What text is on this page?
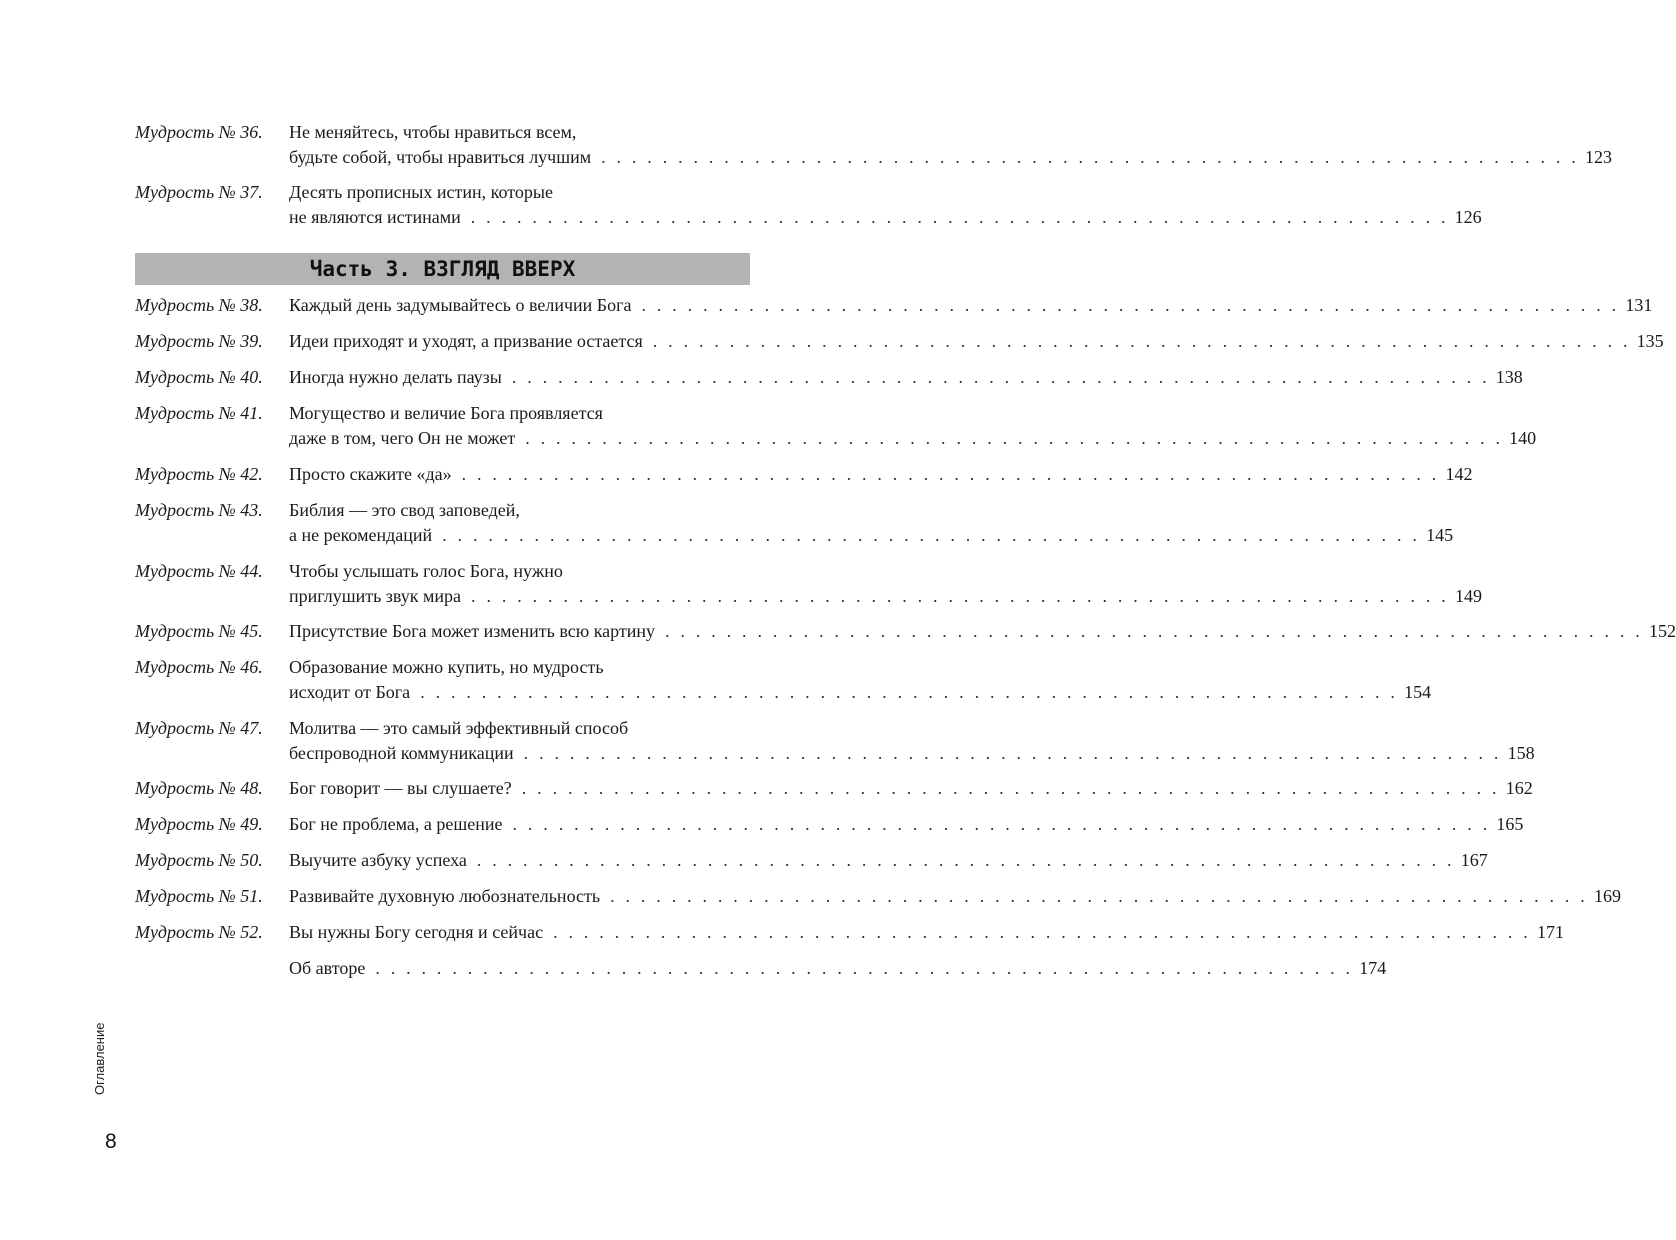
Мудрость № 36. Не меняйтесь, чтобы нравиться всем,
будьте собой, чтобы нравиться лучшим . . . . . . . . . . . . . . . . . . . . . . . . . . . . . . . . . . . . . . . . . . . . . . . . . . . . . . . . . . . . . . . . 123
Мудрость № 37. Десять прописных истин, которые
не являются истинами . . . . . . . . . . . . . . . . . . . . . . . . . . . . . . . . . . . . . . . . . . . . . . . . . . . . . . . . . . . . . . . . 126
Мудрость № 38. Каждый день задумывайтесь о величии Бога . . . . . . . . . . . . . . . . . . . . . . . . . . . . . . . . . . . . . . . . . . . . . . . . . . . . . . . . . . . . . . . . 131
Мудрость № 39. Идеи приходят и уходят, а призвание остается . . . . . . . . . . . . . . . . . . . . . . . . . . . . . . . . . . . . . . . . . . . . . . . . . . . . . . . . . . . . . . . . 135
Мудрость № 40. Иногда нужно делать паузы . . . . . . . . . . . . . . . . . . . . . . . . . . . . . . . . . . . . . . . . . . . . . . . . . . . . . . . . . . . . . . . . 138
Мудрость № 41. Могущество и величие Бога проявляется
даже в том, чего Он не может . . . . . . . . . . . . . . . . . . . . . . . . . . . . . . . . . . . . . . . . . . . . . . . . . . . . . . . . . . . . . . . . 140
Мудрость № 42. Просто скажите «да» . . . . . . . . . . . . . . . . . . . . . . . . . . . . . . . . . . . . . . . . . . . . . . . . . . . . . . . . . . . . . . . . 142
Мудрость № 43. Библия — это свод заповедей,
а не рекомендаций . . . . . . . . . . . . . . . . . . . . . . . . . . . . . . . . . . . . . . . . . . . . . . . . . . . . . . . . . . . . . . . . 145
Мудрость № 44. Чтобы услышать голос Бога, нужно
приглушить звук мира . . . . . . . . . . . . . . . . . . . . . . . . . . . . . . . . . . . . . . . . . . . . . . . . . . . . . . . . . . . . . . . . 149
Мудрость № 45. Присутствие Бога может изменить всю картину . . . . . . . . . . . . . . . . . . . . . . . . . . . . . . . . . . . . . . . . . . . . . . . . . . . . . . . . . . . . . . . . 152
Мудрость № 46. Образование можно купить, но мудрость
исходит от Бога . . . . . . . . . . . . . . . . . . . . . . . . . . . . . . . . . . . . . . . . . . . . . . . . . . . . . . . . . . . . . . . . 154
Мудрость № 47. Молитва — это самый эффективный способ
беспроводной коммуникации . . . . . . . . . . . . . . . . . . . . . . . . . . . . . . . . . . . . . . . . . . . . . . . . . . . . . . . . . . . . . . . . 158
Мудрость № 48. Бог говорит — вы слушаете? . . . . . . . . . . . . . . . . . . . . . . . . . . . . . . . . . . . . . . . . . . . . . . . . . . . . . . . . . . . . . . . . 162
Мудрость № 49. Бог не проблема, а решение . . . . . . . . . . . . . . . . . . . . . . . . . . . . . . . . . . . . . . . . . . . . . . . . . . . . . . . . . . . . . . . . 165
Мудрость № 50. Выучите азбуку успеха . . . . . . . . . . . . . . . . . . . . . . . . . . . . . . . . . . . . . . . . . . . . . . . . . . . . . . . . . . . . . . . . 167
Мудрость № 51. Развивайте духовную любознательность . . . . . . . . . . . . . . . . . . . . . . . . . . . . . . . . . . . . . . . . . . . . . . . . . . . . . . . . . . . . . . . . 169
Мудрость № 52. Вы нужны Богу сегодня и сейчас . . . . . . . . . . . . . . . . . . . . . . . . . . . . . . . . . . . . . . . . . . . . . . . . . . . . . . . . . . . . . . . . 171
Об авторе . . . . . . . . . . . . . . . . . . . . . . . . . . . . . . . . . . . . . . . . . . . . . . . . . . . . . . . . . . . . . . . . 174
Часть 3. ВЗГЛЯД ВВЕРХ
Оглавление
8
